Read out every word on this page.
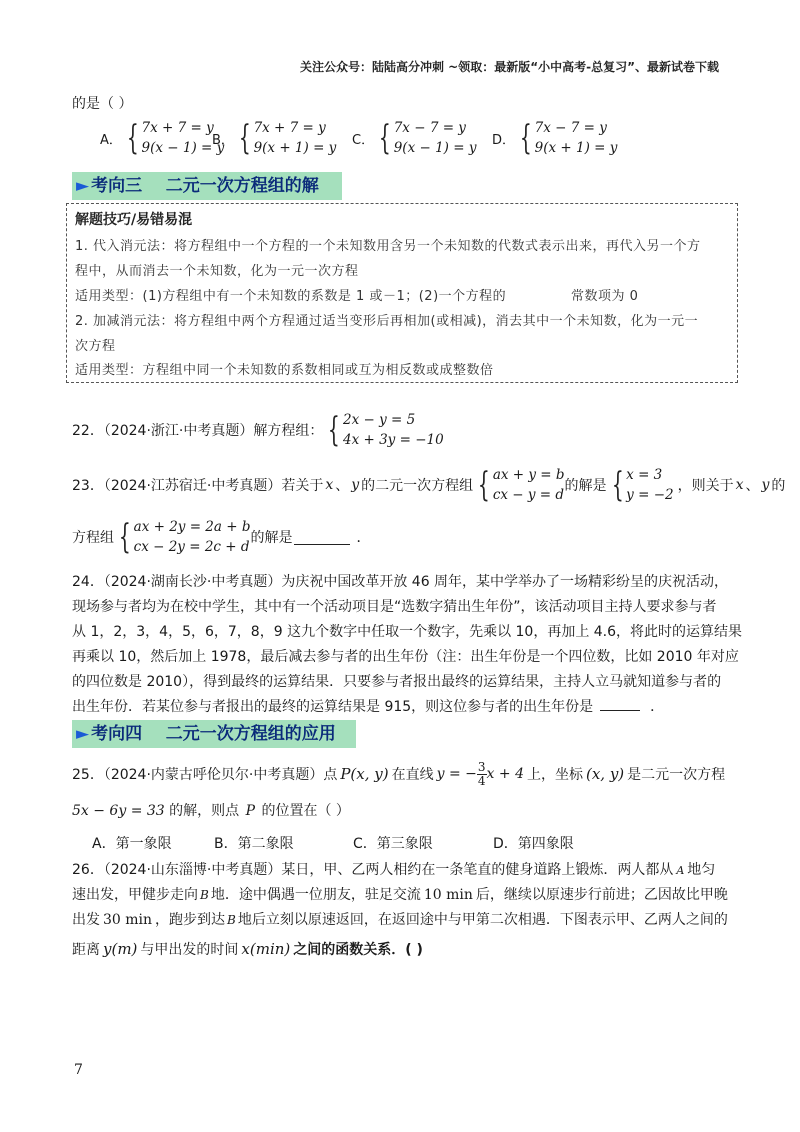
关注公众号：陆陆高分冲刺 ~领取：最新版“小中高考-总复习”、最新试卷下载
的是（ ）
A． { 7x + 7 = y
9(x − 1) = y
B． { 7x + 7 = y
9(x + 1) = y C． { 7x − 7 = y
9(x − 1) = y D． { 7x − 7 = y
9(x + 1) = y
► 考向三    二元一次方程组的解
解题技巧/易错易混
1. 代入消元法：将方程组中一个方程的一个未知数用含另一个未知数的代数式表示出来，再代入另一个方
程中，从而消去一个未知数，化为一元一次方程
适用类型：(1)方程组中有一个未知数的系数是 1 或－1；(2)一个方程的              常数项为 0
2. 加减消元法：将方程组中两个方程通过适当变形后再相加(或相减)，消去其中一个未知数，化为一元一
次方程
适用类型：方程组中同一个未知数的系数相同或互为相反数或成整数倍
22．（2024·浙江·中考真题）解方程组： { 2x − y = 5
4x + 3y = −10
23．（2024·江苏宿迁·中考真题）若关于 x 、 y 的二元一次方程组 { ax + y = b
cx − y = d
的解是 { x = 3
y = −2
，则关于 x 、 y 的
方程组 { ax + 2y = 2a + b
cx − 2y = 2c + d
的解是	．
24．（2024·湖南长沙·中考真题）为庆祝中国改革开放 46 周年，某中学举办了一场精彩纷呈的庆祝活动，
现场参与者均为在校中学生，其中有一个活动项目是“选数字猜出生年份”，该活动项目主持人要求参与者
从 1，2，3，4，5，6，7，8，9 这九个数字中任取一个数字，先乘以 10，再加上 4.6，将此时的运算结果
再乘以 10，然后加上 1978，最后减去参与者的出生年份（注：出生年份是一个四位数，比如 2010 年对应
的四位数是 2010），得到最终的运算结果．只要参与者报出最终的运算结果，主持人立马就知道参与者的
出生年份．若某位参与者报出的最终的运算结果是 915，则这位参与者的出生年份是	．
► 考向四    二元一次方程组的应用
25．（2024·内蒙古呼伦贝尔·中考真题）点 P(x, y) 在直线 y = − $\frac{3}{4}$ x + 4 上，坐标 (x, y) 是二元一次方程
5x − 6y = 33 的解，则点 P 的位置在（ ）
A．第一象限	B．第二象限	C．第三象限	D．第四象限
26．（2024·山东淄博·中考真题）某日，甲、乙两人相约在一条笔直的健身道路上锻炼．两人都从 A 地匀
速出发，甲健步走向 B 地．途中偶遇一位朋友，驻足交流 10 min 后，继续以原速步行前进；乙因故比甲晚
出发 30 min ，跑步到达 B 地后立刻以原速返回，在返回途中与甲第二次相遇．下图表示甲、乙两人之间的
距离 y(m) 与甲出发的时间 x(min) 之间的函数关系．( )
7
